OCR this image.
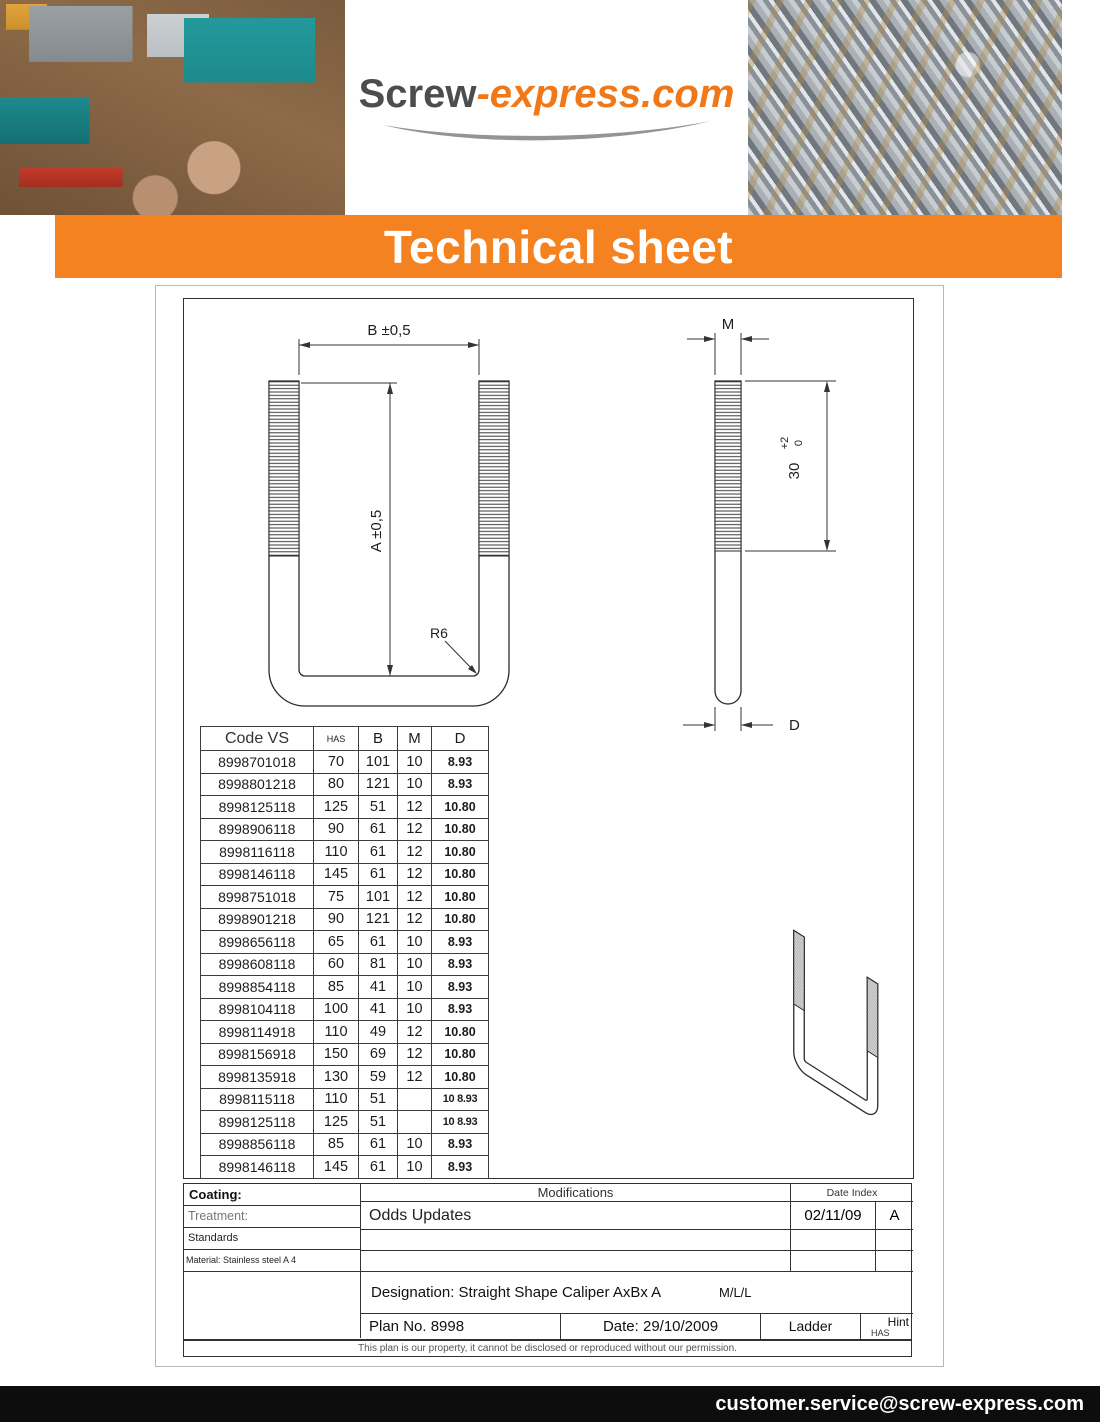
Screw-express.com
Technical sheet
B ±0,5
A ±0,5
R6
M
30
+2 0
D
Code VS	HAS	B	M	D
8998701018	70	101	10	8.93
8998801218	80	121	10	8.93
8998125118	125	51	12	10.80
8998906118	90	61	12	10.80
8998116118	110	61	12	10.80
8998146118	145	61	12	10.80
8998751018	75	101	12	10.80
8998901218	90	121	12	10.80
8998656118	65	61	10	8.93
8998608118	60	81	10	8.93
8998854118	85	41	10	8.93
8998104118	100	41	10	8.93
8998114918	110	49	12	10.80
8998156918	150	69	12	10.80
8998135918	130	59	12	10.80
8998115118	110	51		10 8.93
8998125118	125	51		10 8.93
8998856118	85	61	10	8.93
8998146118	145	61	10	8.93
Coating:
Treatment:
Standards
Material: Stainless steel A 4
Modifications	Date Index
Odds Updates	02/11/09	A
Designation: Straight Shape Caliper AxBx A	M/L/L
Plan No. 8998	Date: 29/10/2009	Ladder	Hint
HAS
This plan is our property, it cannot be disclosed or reproduced without our permission.
customer.service@screw-express.com
